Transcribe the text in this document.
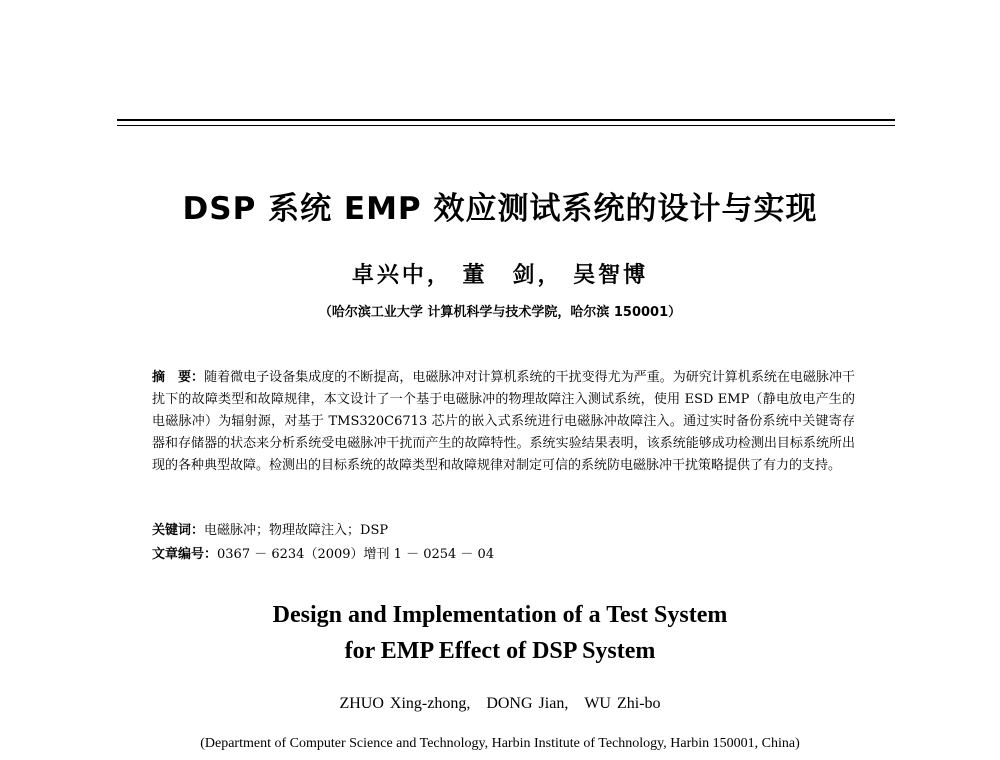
DSP 系统 EMP 效应测试系统的设计与实现
卓兴中， 董　剑， 吴智博
（哈尔滨工业大学 计算机科学与技术学院，哈尔滨 150001）
摘　要：随着微电子设备集成度的不断提高，电磁脉冲对计算机系统的干扰变得尤为严重。为研究计算机系统在电磁脉冲干扰下的故障类型和故障规律，本文设计了一个基于电磁脉冲的物理故障注入测试系统，使用 ESD EMP（静电放电产生的电磁脉冲）为辐射源，对基于 TMS320C6713 芯片的嵌入式系统进行电磁脉冲故障注入。通过实时备份系统中关键寄存器和存储器的状态来分析系统受电磁脉冲干扰而产生的故障特性。系统实验结果表明，该系统能够成功检测出目标系统所出现的各种典型故障。检测出的目标系统的故障类型和故障规律对制定可信的系统防电磁脉冲干扰策略提供了有力的支持。
关键词：电磁脉冲；物理故障注入；DSP
文章编号：0367 － 6234（2009）增刊 1 － 0254 － 04
Design and Implementation of a Test System
for EMP Effect of DSP System
ZHUO Xing-zhong,　DONG Jian,　WU Zhi-bo
(Department of Computer Science and Technology, Harbin Institute of Technology, Harbin 150001, China)
